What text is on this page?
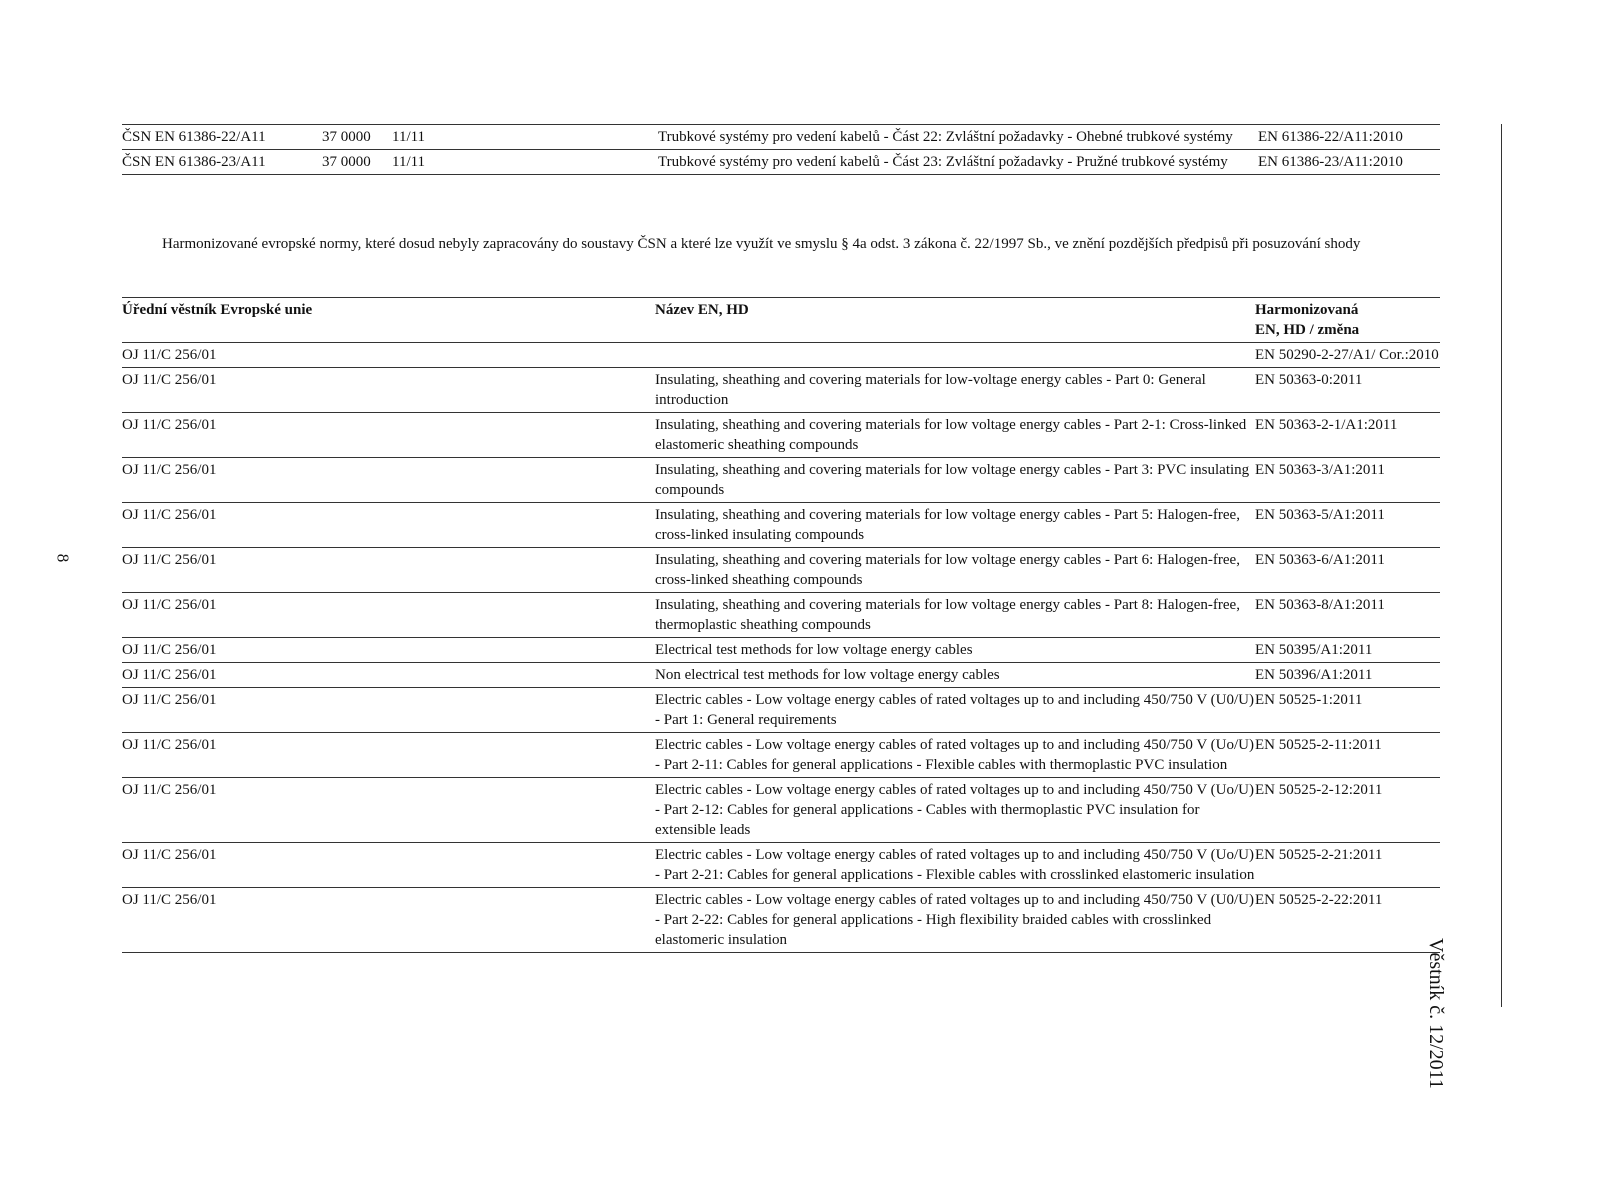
8
ČSN EN 61386-22/A11	37 0000	11/11	Trubkové systémy pro vedení kabelů - Část 22: Zvláštní požadavky - Ohebné trubkové systémy	EN 61386-22/A11:2010
ČSN EN 61386-23/A11	37 0000	11/11	Trubkové systémy pro vedení kabelů - Část 23: Zvláštní požadavky - Pružné trubkové systémy	EN 61386-23/A11:2010
Harmonizované evropské normy, které dosud nebyly zapracovány do soustavy ČSN a které lze využít ve smyslu § 4a odst. 3 zákona č. 22/1997 Sb., ve znění pozdějších předpisů při posuzování shody
Úřední věstník Evropské unie	Název EN, HD	Harmonizovaná
EN, HD / změna
OJ 11/C 256/01		EN 50290-2-27/A1/ Cor.:2010
OJ 11/C 256/01	Insulating, sheathing and covering materials for low-voltage energy cables - Part 0: General introduction	EN 50363-0:2011
OJ 11/C 256/01	Insulating, sheathing and covering materials for low voltage energy cables - Part 2-1: Cross-linked elastomeric sheathing compounds	EN 50363-2-1/A1:2011
OJ 11/C 256/01	Insulating, sheathing and covering materials for low voltage energy cables - Part 3: PVC insulating compounds	EN 50363-3/A1:2011
OJ 11/C 256/01	Insulating, sheathing and covering materials for low voltage energy cables - Part 5: Halogen-free, cross-linked insulating compounds	EN 50363-5/A1:2011
OJ 11/C 256/01	Insulating, sheathing and covering materials for low voltage energy cables - Part 6: Halogen-free, cross-linked sheathing compounds	EN 50363-6/A1:2011
OJ 11/C 256/01	Insulating, sheathing and covering materials for low voltage energy cables - Part 8: Halogen-free, thermoplastic sheathing compounds	EN 50363-8/A1:2011
OJ 11/C 256/01	Electrical test methods for low voltage energy cables	EN 50395/A1:2011
OJ 11/C 256/01	Non electrical test methods for low voltage energy cables	EN 50396/A1:2011
OJ 11/C 256/01	Electric cables - Low voltage energy cables of rated voltages up to and including 450/750 V (U0/U) - Part 1: General requirements	EN 50525-1:2011
OJ 11/C 256/01	Electric cables - Low voltage energy cables of rated voltages up to and including 450/750 V (Uo/U) - Part 2-11: Cables for general applications - Flexible cables with thermoplastic PVC insulation	EN 50525-2-11:2011
OJ 11/C 256/01	Electric cables - Low voltage energy cables of rated voltages up to and including 450/750 V (Uo/U) - Part 2-12: Cables for general applications - Cables with thermoplastic PVC insulation for extensible leads	EN 50525-2-12:2011
OJ 11/C 256/01	Electric cables - Low voltage energy cables of rated voltages up to and including 450/750 V (Uo/U) - Part 2-21: Cables for general applications - Flexible cables with crosslinked elastomeric insulation	EN 50525-2-21:2011
OJ 11/C 256/01	Electric cables - Low voltage energy cables of rated voltages up to and including 450/750 V (U0/U) - Part 2-22: Cables for general applications - High flexibility braided cables with crosslinked elastomeric insulation	EN 50525-2-22:2011
Věstník č. 12/2011
